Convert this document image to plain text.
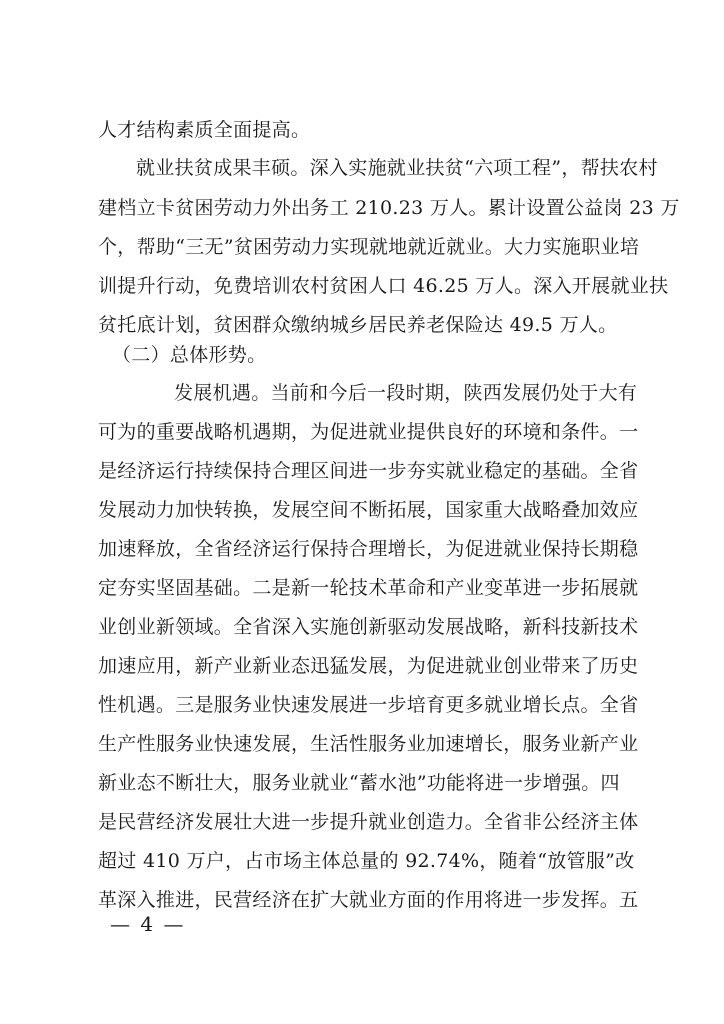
人才结构素质全面提高。
就业扶贫成果丰硕。深入实施就业扶贫“六项工程”，帮扶农村
建档立卡贫困劳动力外出务工 210.23 万人。累计设置公益岗 23 万
个，帮助“三无”贫困劳动力实现就地就近就业。大力实施职业培
训提升行动，免费培训农村贫困人口 46.25 万人。深入开展就业扶
贫托底计划，贫困群众缴纳城乡居民养老保险达 49.5 万人。
（二）总体形势。
发展机遇。当前和今后一段时期，陕西发展仍处于大有
可为的重要战略机遇期，为促进就业提供良好的环境和条件。一
是经济运行持续保持合理区间进一步夯实就业稳定的基础。全省
发展动力加快转换，发展空间不断拓展，国家重大战略叠加效应
加速释放，全省经济运行保持合理增长，为促进就业保持长期稳
定夯实坚固基础。二是新一轮技术革命和产业变革进一步拓展就
业创业新领域。全省深入实施创新驱动发展战略，新科技新技术
加速应用，新产业新业态迅猛发展，为促进就业创业带来了历史
性机遇。三是服务业快速发展进一步培育更多就业增长点。全省
生产性服务业快速发展，生活性服务业加速增长，服务业新产业
新业态不断壮大，服务业就业“蓄水池”功能将进一步增强。四
是民营经济发展壮大进一步提升就业创造力。全省非公经济主体
超过 410 万户，占市场主体总量的 92.74%，随着“放管服”改
革深入推进，民营经济在扩大就业方面的作用将进一步发挥。五
— 4 —
